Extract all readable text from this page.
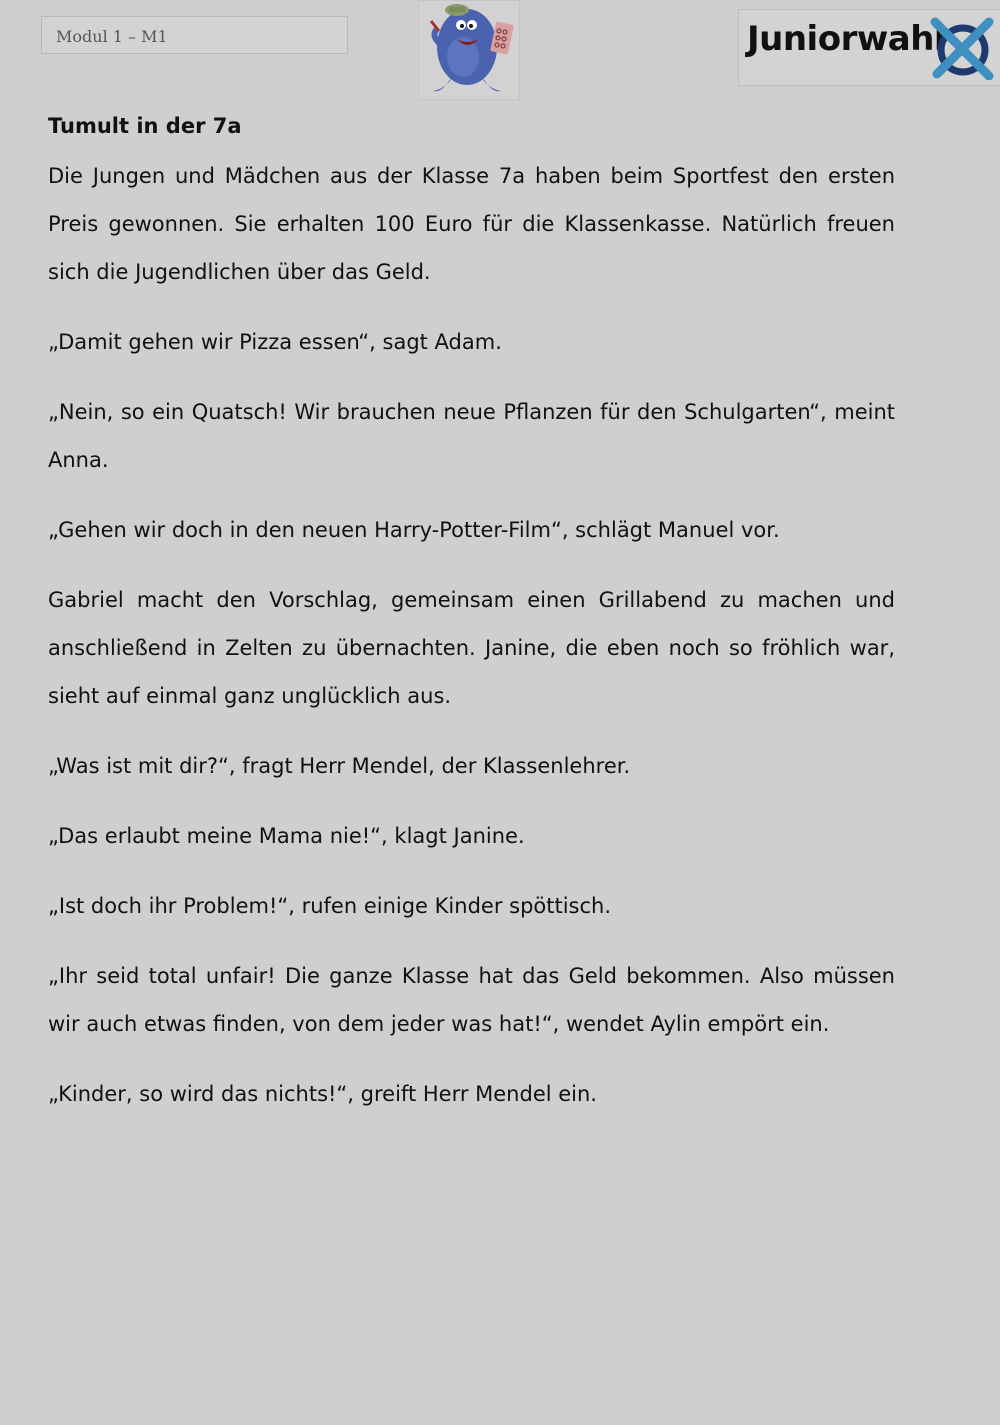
Modul 1 – M1	Juniorwahl
Tumult in der 7a

Die Jungen und Mädchen aus der Klasse 7a haben beim Sportfest den ersten Preis gewonnen. Sie erhalten 100 Euro für die Klassenkasse. Natürlich freuen sich die Jugendlichen über das Geld.

„Damit gehen wir Pizza essen“, sagt Adam.

„Nein, so ein Quatsch! Wir brauchen neue Pflanzen für den Schulgarten“, meint Anna.

„Gehen wir doch in den neuen Harry-Potter-Film“, schlägt Manuel vor.

Gabriel macht den Vorschlag, gemeinsam einen Grillabend zu machen und anschließend in Zelten zu übernachten. Janine, die eben noch so fröhlich war, sieht auf einmal ganz unglücklich aus.

„Was ist mit dir?“, fragt Herr Mendel, der Klassenlehrer.

„Das erlaubt meine Mama nie!“, klagt Janine.

„Ist doch ihr Problem!“, rufen einige Kinder spöttisch.

„Ihr seid total unfair! Die ganze Klasse hat das Geld bekommen. Also müssen wir auch etwas finden, von dem jeder was hat!“, wendet Aylin empört ein.

„Kinder, so wird das nichts!“, greift Herr Mendel ein.
